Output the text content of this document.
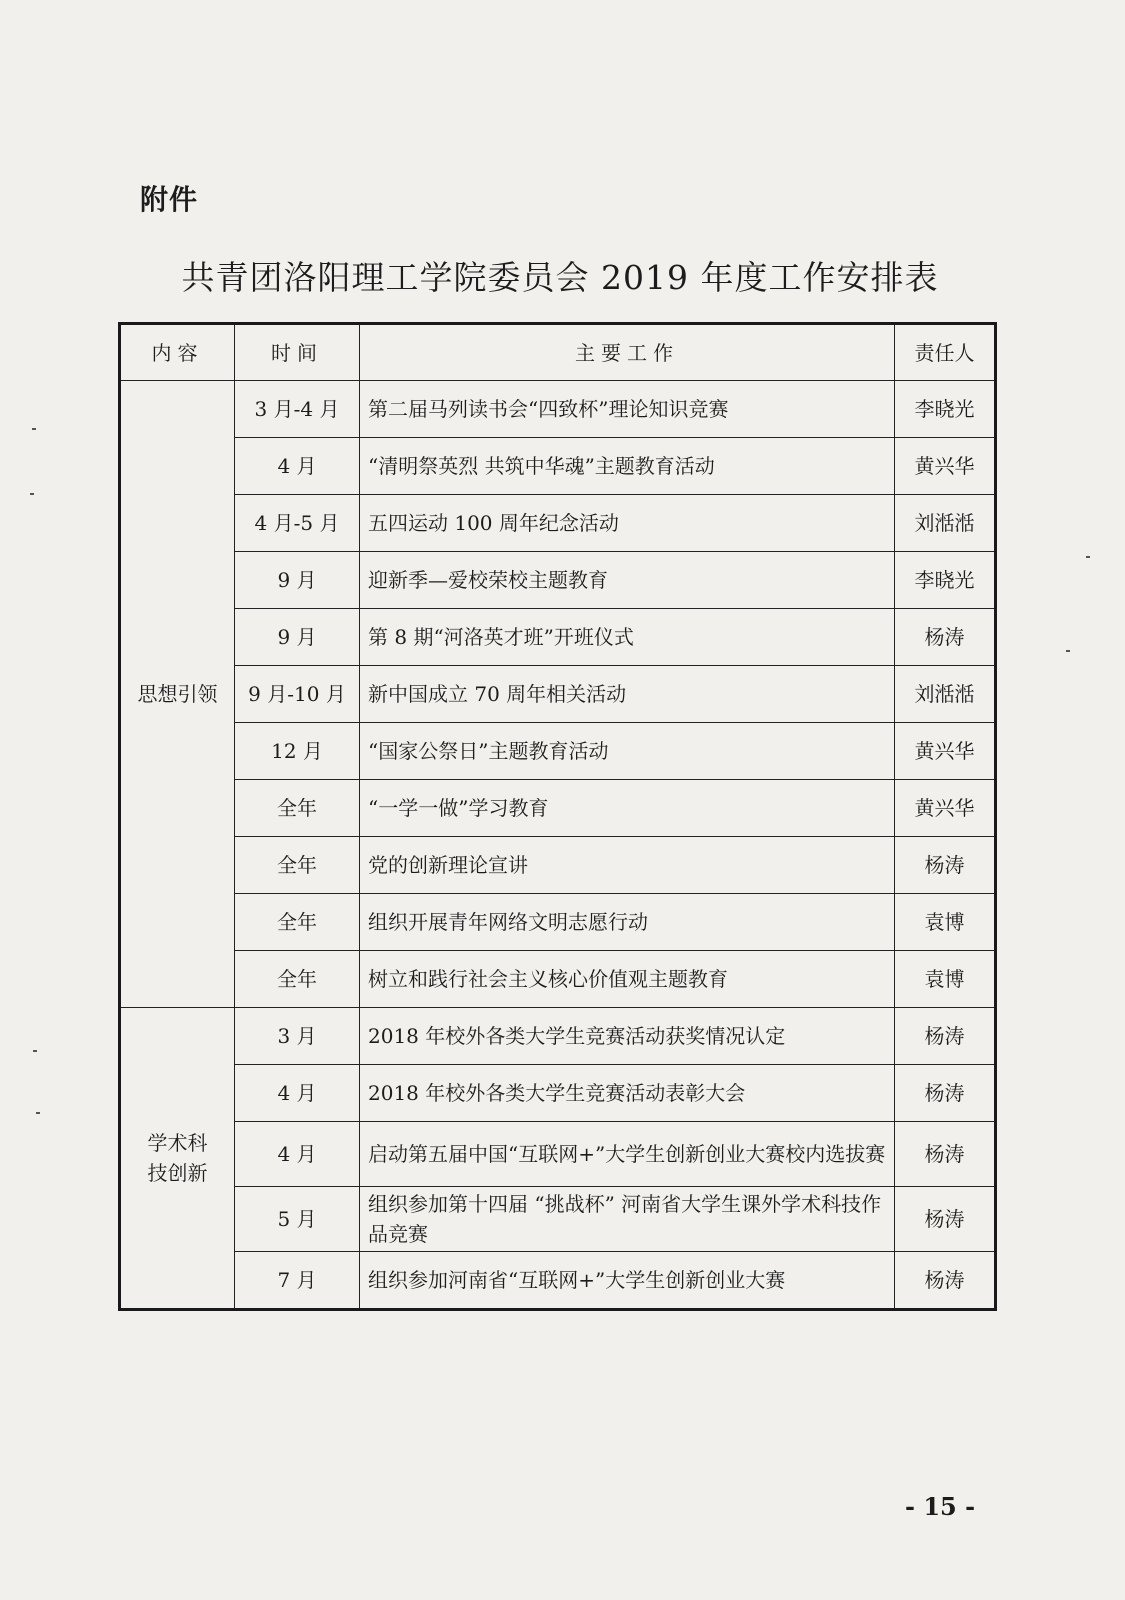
附件
共青团洛阳理工学院委员会 2019 年度工作安排表
内容	时间	主要工作	责任人
思想引领	3 月-4 月	第二届马列读书会“四致杯”理论知识竞赛	李晓光
	4 月	“清明祭英烈 共筑中华魂”主题教育活动	黄兴华
	4 月-5 月	五四运动 100 周年纪念活动	刘湉湉
	9 月	迎新季—爱校荣校主题教育	李晓光
	9 月	第 8 期“河洛英才班”开班仪式	杨涛
	9 月-10 月	新中国成立 70 周年相关活动	刘湉湉
	12 月	“国家公祭日”主题教育活动	黄兴华
	全年	“一学一做”学习教育	黄兴华
	全年	党的创新理论宣讲	杨涛
	全年	组织开展青年网络文明志愿行动	袁博
	全年	树立和践行社会主义核心价值观主题教育	袁博
学术科技创新	3 月	2018 年校外各类大学生竞赛活动获奖情况认定	杨涛
	4 月	2018 年校外各类大学生竞赛活动表彰大会	杨涛
	4 月	启动第五届中国“互联网+”大学生创新创业大赛校内选拔赛	杨涛
	5 月	组织参加第十四届 “挑战杯” 河南省大学生课外学术科技作品竞赛	杨涛
	7 月	组织参加河南省“互联网+”大学生创新创业大赛	杨涛
- 15 -
